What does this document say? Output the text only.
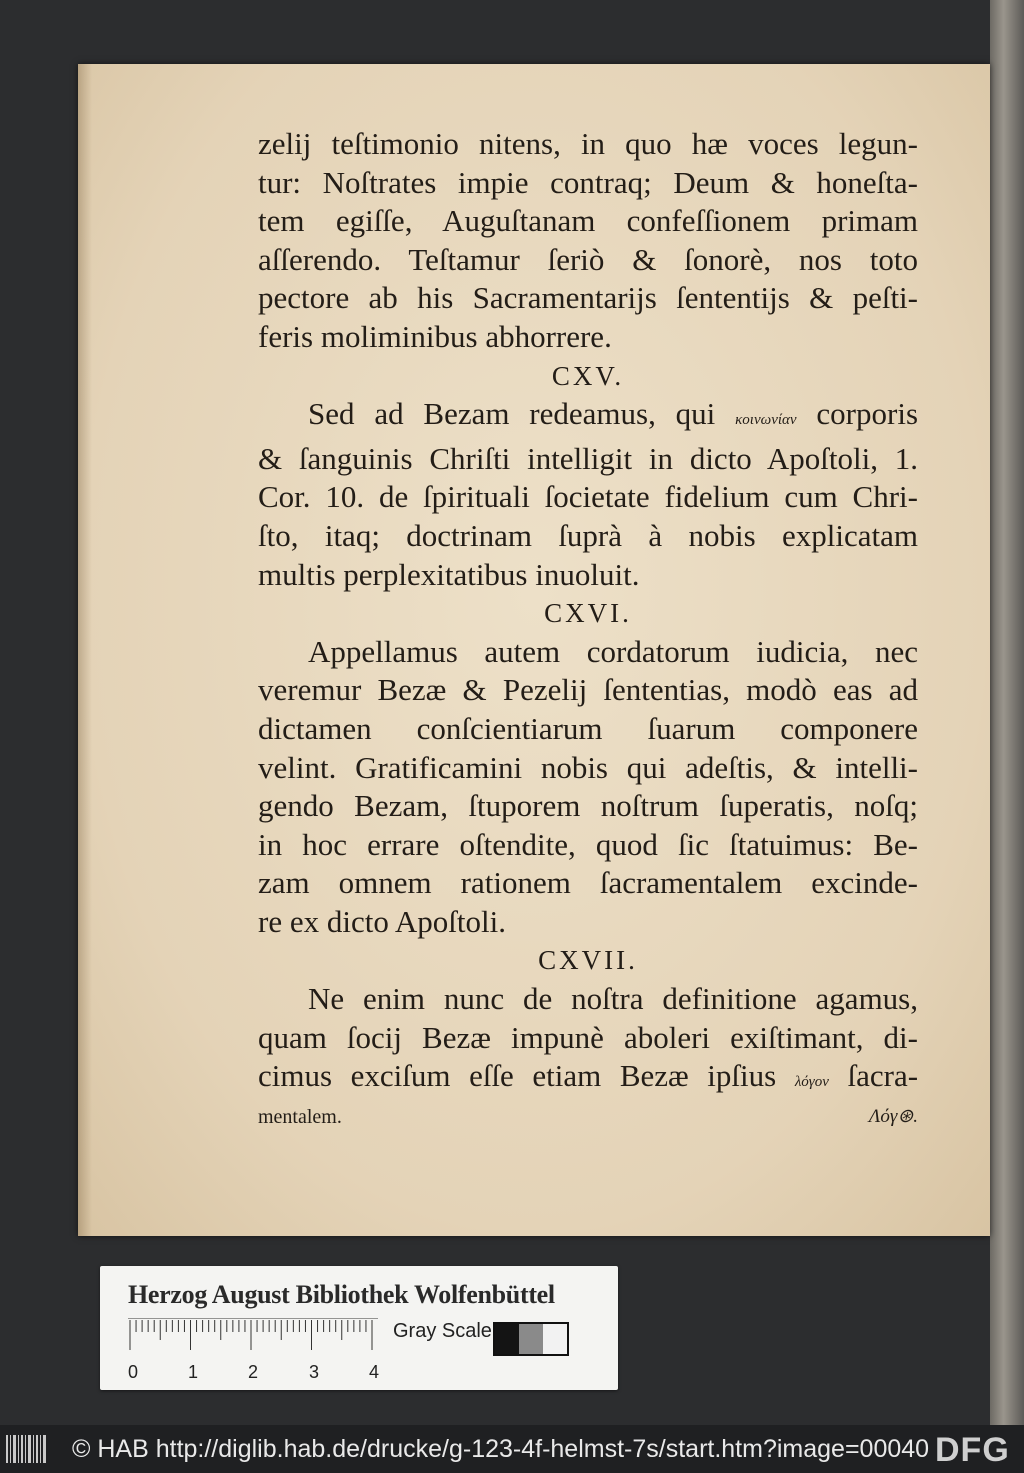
zelij teſtimonio nitens, in quo hæ voces legun-
tur: Noſtrates impie contraq; Deum & honeſta-
tem egiſſe, Auguſtanam confeſſionem primam
aſſerendo. Teſtamur ſeriò & ſonorè, nos toto
pectore ab his Sacramentarijs ſententijs & peſti-
feris moliminibus abhorrere.
CXV.
Sed ad Bezam redeamus, qui κοινωνίαν corporis
& ſanguinis Chriſti intelligit in dicto Apoſtoli, 1.
Cor. 10. de ſpirituali ſocietate fidelium cum Chri-
ſto, itaq; doctrinam ſuprà à nobis explicatam
multis perplexitatibus inuoluit.
CXVI.
Appellamus autem cordatorum iudicia, nec
veremur Bezæ & Pezelij ſententias, modò eas ad
dictamen conſcientiarum ſuarum componere
velint. Gratificamini nobis qui adeſtis, & intelli-
gendo Bezam, ſtuporem noſtrum ſuperatis, noſq;
in hoc errare oſtendite, quod ſic ſtatuimus: Be-
zam omnem rationem ſacramentalem excinde-
re ex dicto Apoſtoli.
CXVII.
Ne enim nunc de noſtra definitione agamus,
quam ſocij Bezæ impunè aboleri exiſtimant, di-
cimus exciſum eſſe etiam Bezæ ipſius λόγον ſacra-
mentalem.	Λόγ⊛.
Herzog August Bibliothek Wolfenbüttel
0	1	2	3	4
Gray Scale
© HAB http://diglib.hab.de/drucke/g-123-4f-helmst-7s/start.htm?image=00040 DFG
